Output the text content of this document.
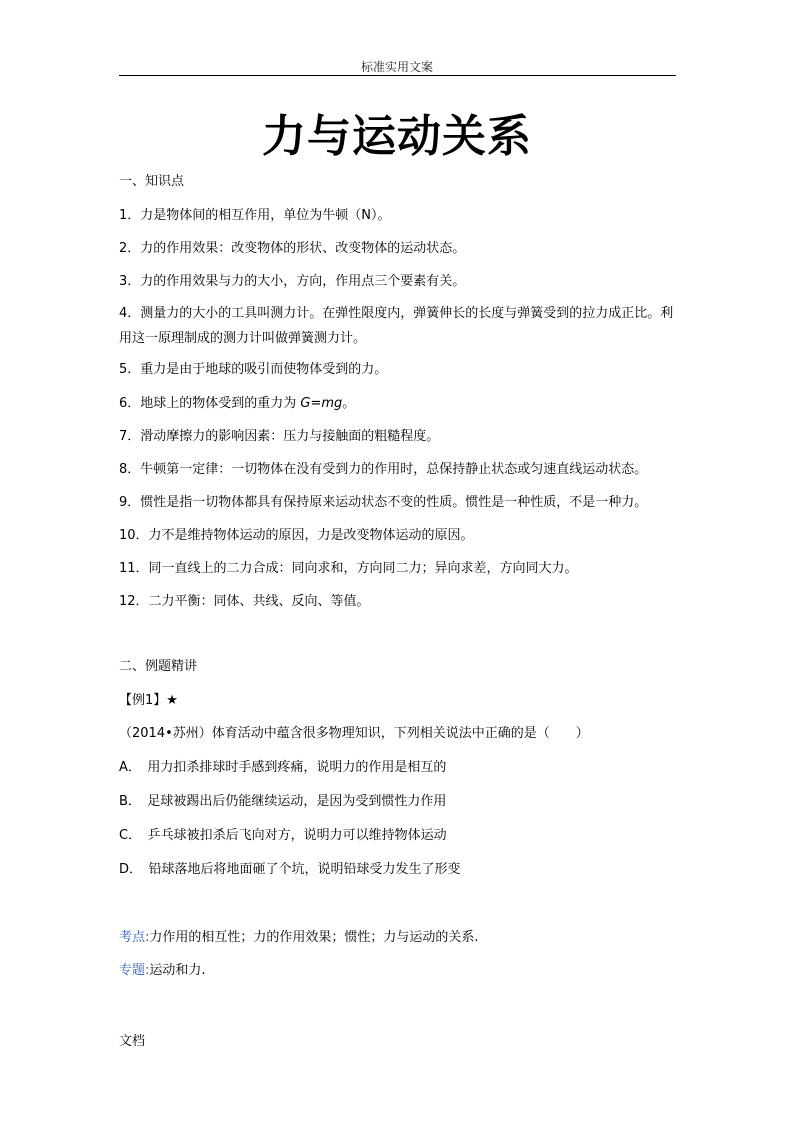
标准实用文案
力与运动关系
一、知识点
1．力是物体间的相互作用，单位为牛顿（N）。
2．力的作用效果：改变物体的形状、改变物体的运动状态。
3．力的作用效果与力的大小，方向，作用点三个要素有关。
4．测量力的大小的工具叫测力计。在弹性限度内，弹簧伸长的长度与弹簧受到的拉力成正比。利用这一原理制成的测力计叫做弹簧测力计。
5．重力是由于地球的吸引而使物体受到的力。
6．地球上的物体受到的重力为 G=mg。
7．滑动摩擦力的影响因素：压力与接触面的粗糙程度。
8．牛顿第一定律：一切物体在没有受到力的作用时，总保持静止状态或匀速直线运动状态。
9．惯性是指一切物体都具有保持原来运动状态不变的性质。惯性是一种性质，不是一种力。
10．力不是维持物体运动的原因，力是改变物体运动的原因。
11．同一直线上的二力合成：同向求和，方向同二力；异向求差，方向同大力。
12．二力平衡：同体、共线、反向、等值。
二、例题精讲
【例1】★
（2014•苏州）体育活动中蕴含很多物理知识，下列相关说法中正确的是（　　）
A．　用力扣杀排球时手感到疼痛，说明力的作用是相互的
B．　足球被踢出后仍能继续运动，是因为受到惯性力作用
C．　乒乓球被扣杀后飞向对方，说明力可以维持物体运动
D．　铅球落地后将地面砸了个坑，说明铅球受力发生了形变
考点:力作用的相互性；力的作用效果；惯性；力与运动的关系.
专题:运动和力.
文档
